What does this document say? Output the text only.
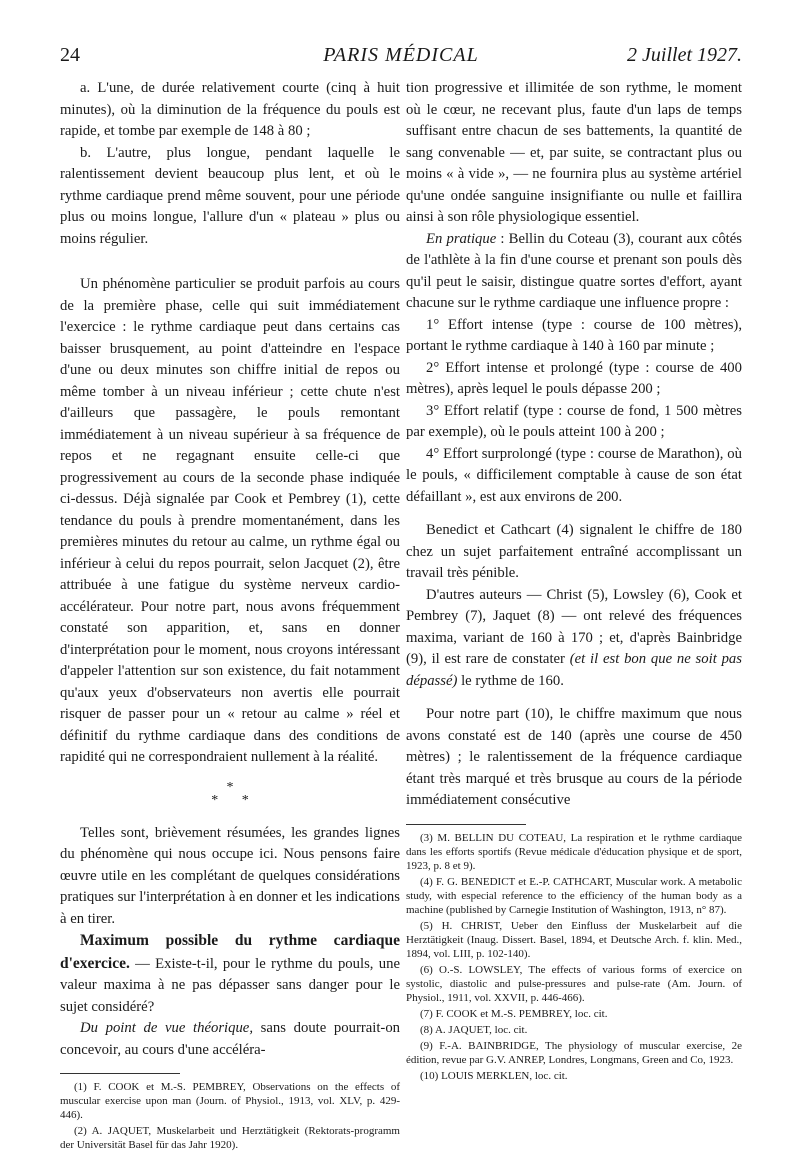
24	PARIS MÉDICAL	2 Juillet 1927.

a. L'une, de durée relativement courte (cinq à huit minutes), où la diminution de la fréquence du pouls est rapide, et tombe par exemple de 148 à 80 ;

b. L'autre, plus longue, pendant laquelle le ralentissement devient beaucoup plus lent, et où le rythme cardiaque prend même souvent, pour une période plus ou moins longue, l'allure d'un « plateau » plus ou moins régulier.

Un phénomène particulier se produit parfois au cours de la première phase, celle qui suit immédiatement l'exercice : le rythme cardiaque peut dans certains cas baisser brusquement, au point d'atteindre en l'espace d'une ou deux minutes son chiffre initial de repos ou même tomber à un niveau inférieur ; cette chute n'est d'ailleurs que passagère, le pouls remontant immédiatement à un niveau supérieur à sa fréquence de repos et ne regagnant ensuite celle-ci que progressivement au cours de la seconde phase indiquée ci-dessus. Déjà signalée par Cook et Pembrey (1), cette tendance du pouls à prendre momentanément, dans les premières minutes du retour au calme, un rythme égal ou inférieur à celui du repos pourrait, selon Jacquet (2), être attribuée à une fatigue du système nerveux cardio-accélérateur. Pour notre part, nous avons fréquemment constaté son apparition, et, sans en donner d'interprétation pour le moment, nous croyons intéressant d'appeler l'attention sur son existence, du fait notamment qu'aux yeux d'observateurs non avertis elle pourrait risquer de passer pour un « retour au calme » réel et définitif du rythme cardiaque dans des conditions de rapidité qui ne correspondraient nullement à la réalité.

*
* *

Telles sont, brièvement résumées, les grandes lignes du phénomène qui nous occupe ici. Nous pensons faire œuvre utile en les complétant de quelques considérations pratiques sur l'interprétation à en donner et les indications à en tirer.

Maximum possible du rythme cardiaque d'exercice. — Existe-t-il, pour le rythme du pouls, une valeur maxima à ne pas dépasser sans danger pour le sujet considéré?

Du point de vue théorique, sans doute pourrait-on concevoir, au cours d'une accéléra-

(1) F. COOK et M.-S. PEMBREY, Observations on the effects of muscular exercise upon man (Journ. of Physiol., 1913, vol. XLV, p. 429-446).

(2) A. JAQUET, Muskelarbeit und Herztätigkeit (Rektorats-programm der Universität Basel für das Jahr 1920).

tion progressive et illimitée de son rythme, le moment où le cœur, ne recevant plus, faute d'un laps de temps suffisant entre chacun de ses battements, la quantité de sang convenable — et, par suite, se contractant plus ou moins « à vide », — ne fournira plus au système artériel qu'une ondée sanguine insignifiante ou nulle et faillira ainsi à son rôle physiologique essentiel.

En pratique : Bellin du Coteau (3), courant aux côtés de l'athlète à la fin d'une course et prenant son pouls dès qu'il peut le saisir, distingue quatre sortes d'effort, ayant chacune sur le rythme cardiaque une influence propre :

1° Effort intense (type : course de 100 mètres), portant le rythme cardiaque à 140 à 160 par minute ;

2° Effort intense et prolongé (type : course de 400 mètres), après lequel le pouls dépasse 200 ;

3° Effort relatif (type : course de fond, 1 500 mètres par exemple), où le pouls atteint 100 à 200 ;

4° Effort surprolongé (type : course de Marathon), où le pouls, « difficilement comptable à cause de son état défaillant », est aux environs de 200.

Benedict et Cathcart (4) signalent le chiffre de 180 chez un sujet parfaitement entraîné accomplissant un travail très pénible.

D'autres auteurs — Christ (5), Lowsley (6), Cook et Pembrey (7), Jaquet (8) — ont relevé des fréquences maxima, variant de 160 à 170 ; et, d'après Bainbridge (9), il est rare de constater (et il est bon que ne soit pas dépassé) le rythme de 160.

Pour notre part (10), le chiffre maximum que nous avons constaté est de 140 (après une course de 450 mètres) ; le ralentissement de la fréquence cardiaque étant très marqué et très brusque au cours de la période immédiatement consécutive

(3) M. BELLIN DU COTEAU, La respiration et le rythme cardiaque dans les efforts sportifs (Revue médicale d'éducation physique et de sport, 1923, p. 8 et 9).

(4) F. G. BENEDICT et E.-P. CATHCART, Muscular work. A metabolic study, with especial reference to the efficiency of the human body as a machine (published by Carnegie Institution of Washington, 1913, n° 87).

(5) H. CHRIST, Ueber den Einfluss der Muskelarbeit auf die Herztätigkeit (Inaug. Dissert. Basel, 1894, et Deutsche Arch. f. klin. Med., 1894, vol. LIII, p. 102-140).

(6) O.-S. LOWSLEY, The effects of various forms of exercice on systolic, diastolic and pulse-pressures and pulse-rate (Am. Journ. of Physiol., 1911, vol. XXVII, p. 446-466).

(7) F. COOK et M.-S. PEMBREY, loc. cit.

(8) A. JAQUET, loc. cit.

(9) F.-A. BAINBRIDGE, The physiology of muscular exercise, 2e édition, revue par G.V. ANREP, Londres, Longmans, Green and Co, 1923.

(10) LOUIS MERKLEN, loc. cit.
